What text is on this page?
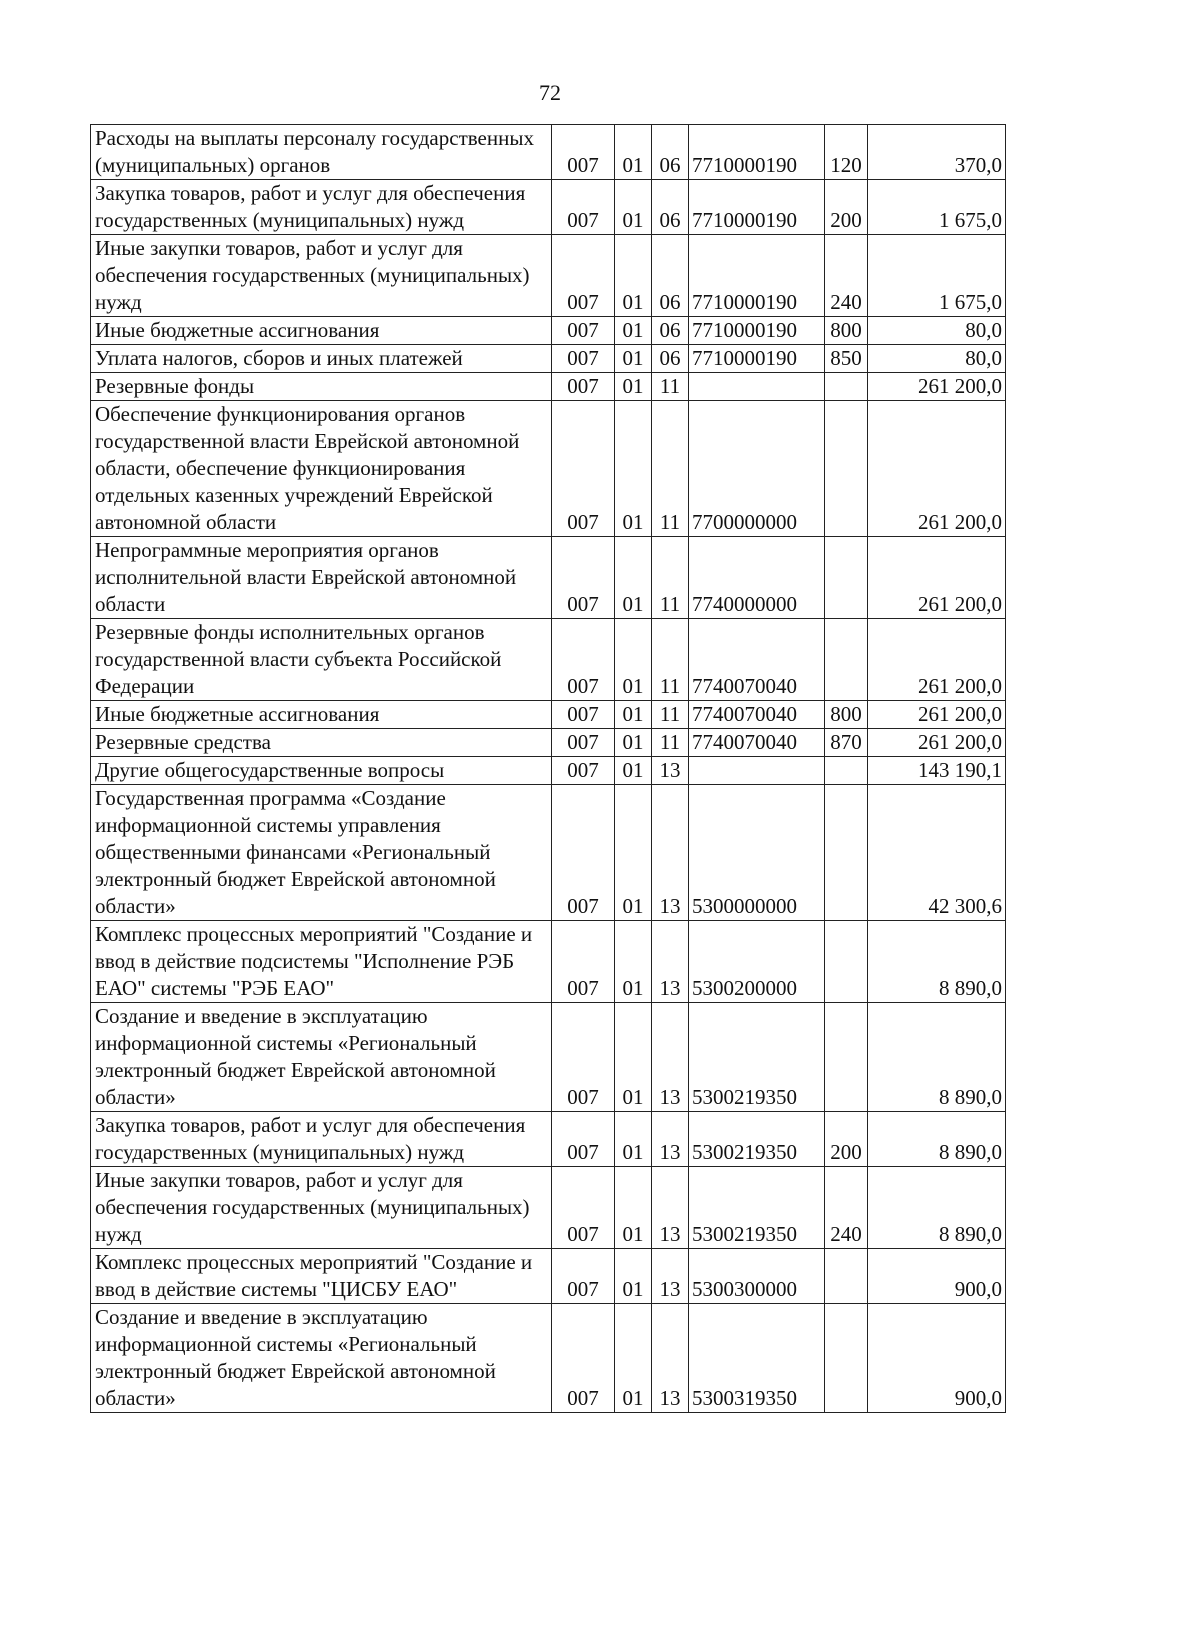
72
Расходы на выплаты персоналу государственных (муниципальных) органов	007	01	06	7710000190	120	370,0
Закупка товаров, работ и услуг для обеспечения государственных (муниципальных) нужд	007	01	06	7710000190	200	1 675,0
Иные закупки товаров, работ и услуг для обеспечения государственных (муниципальных) нужд	007	01	06	7710000190	240	1 675,0
Иные бюджетные ассигнования	007	01	06	7710000190	800	80,0
Уплата налогов, сборов и иных платежей	007	01	06	7710000190	850	80,0
Резервные фонды	007	01	11			261 200,0
Обеспечение функционирования органов государственной власти Еврейской автономной области, обеспечение функционирования отдельных казенных учреждений Еврейской автономной области	007	01	11	7700000000		261 200,0
Непрограммные мероприятия органов исполнительной власти Еврейской автономной области	007	01	11	7740000000		261 200,0
Резервные фонды исполнительных органов государственной власти субъекта Российской Федерации	007	01	11	7740070040		261 200,0
Иные бюджетные ассигнования	007	01	11	7740070040	800	261 200,0
Резервные средства	007	01	11	7740070040	870	261 200,0
Другие общегосударственные вопросы	007	01	13			143 190,1
Государственная программа «Создание информационной системы управления общественными финансами «Региональный электронный бюджет Еврейской автономной области»	007	01	13	5300000000		42 300,6
Комплекс процессных мероприятий "Создание и ввод в действие подсистемы "Исполнение РЭБ ЕАО" системы "РЭБ ЕАО"	007	01	13	5300200000		8 890,0
Создание и введение в эксплуатацию информационной системы «Региональный электронный бюджет Еврейской автономной области»	007	01	13	5300219350		8 890,0
Закупка товаров, работ и услуг для обеспечения государственных (муниципальных) нужд	007	01	13	5300219350	200	8 890,0
Иные закупки товаров, работ и услуг для обеспечения государственных (муниципальных) нужд	007	01	13	5300219350	240	8 890,0
Комплекс процессных мероприятий "Создание и ввод в действие системы "ЦИСБУ ЕАО"	007	01	13	5300300000		900,0
Создание и введение в эксплуатацию информационной системы «Региональный электронный бюджет Еврейской автономной области»	007	01	13	5300319350		900,0
